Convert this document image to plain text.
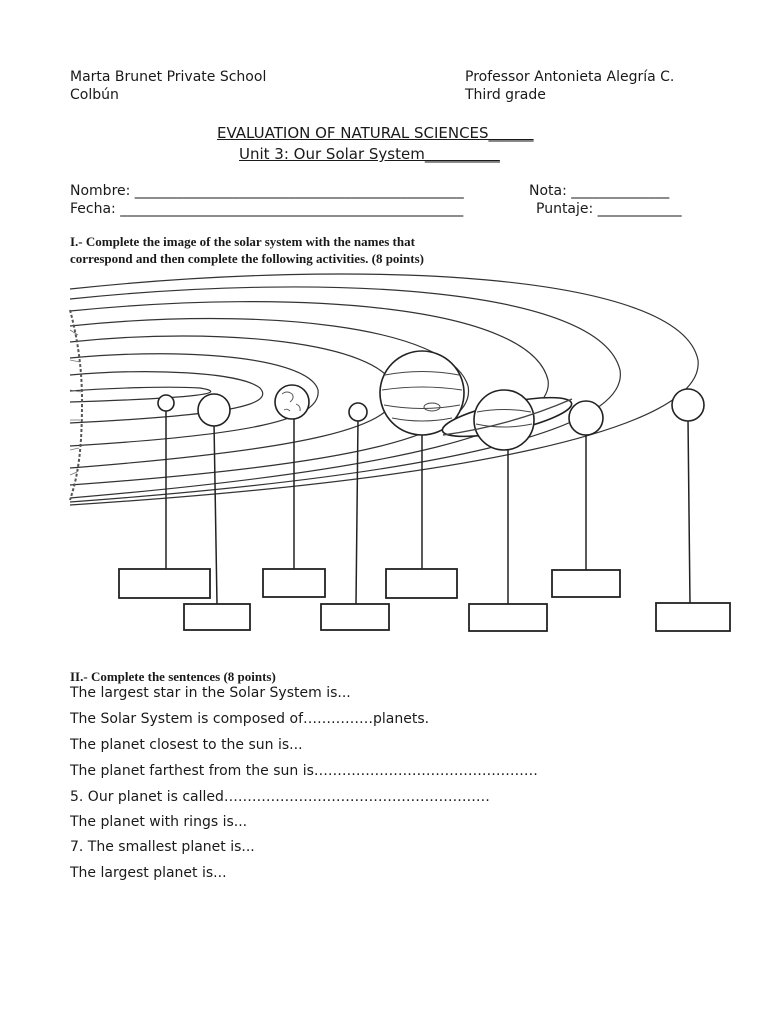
Marta Brunet Private School
Colbún
Professor Antonieta Alegría C.
Third grade
EVALUATION OF NATURAL SCIENCES______
Unit 3: Our Solar System__________
Nombre: _______________________________________________	Nota: ______________
Fecha: _________________________________________________	Puntaje: ____________
I.- Complete the image of the solar system with the names that
correspond and then complete the following activities. (8 points)
II.- Complete the sentences (8 points)
The largest star in the Solar System is...
The Solar System is composed of……………planets.
The planet closest to the sun is...
The planet farthest from the sun is…………………………………………
5. Our planet is called…………………………………………………
The planet with rings is...
7. The smallest planet is...
The largest planet is...
